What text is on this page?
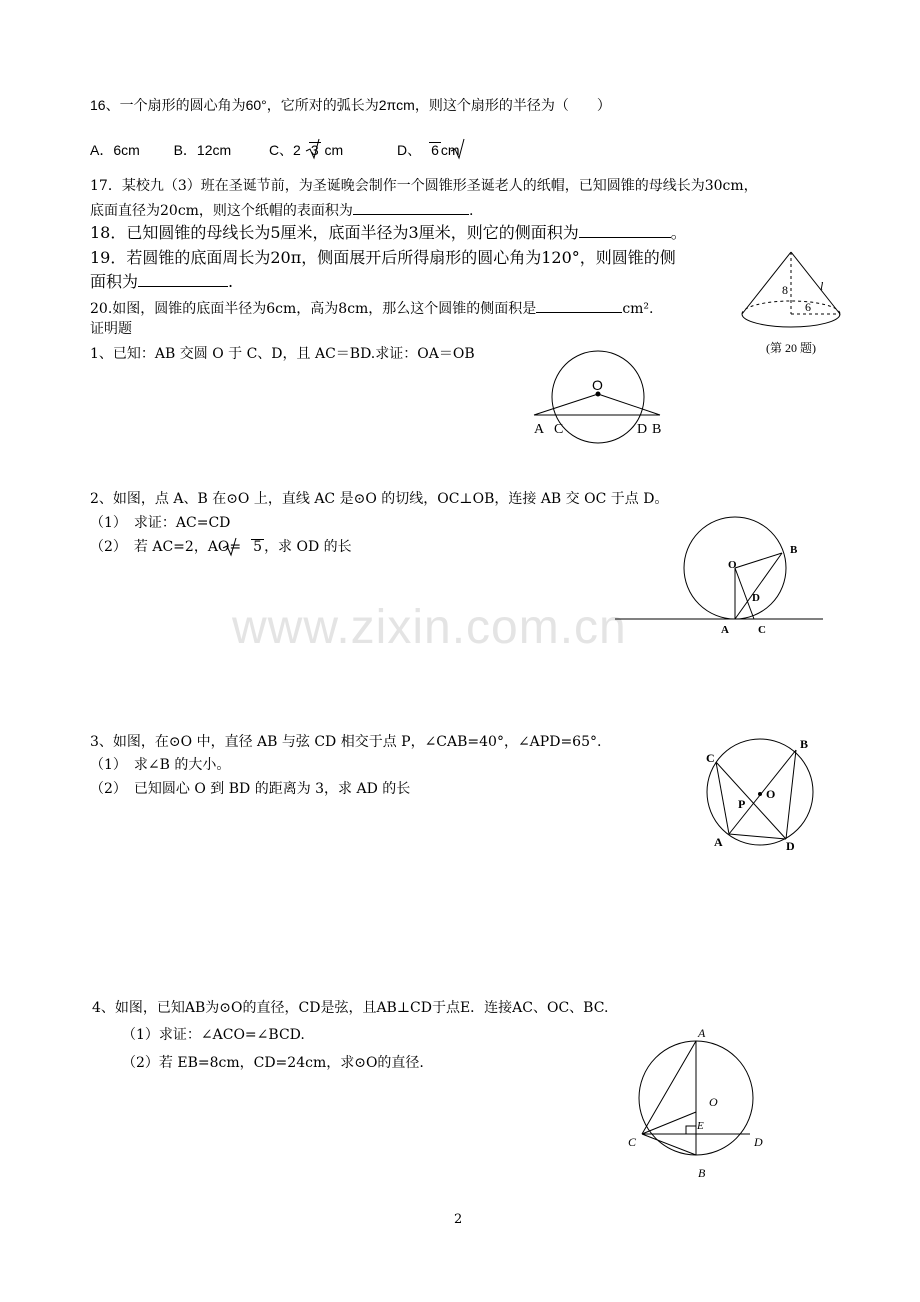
www.zixin.com.cn
16、一个扇形的圆心角为60°，它所对的弧长为2πcm，则这个扇形的半径为（　　）
A．6cm B．12cm	C、2 3 cm	D、 6 cm
17．某校九（3）班在圣诞节前，为圣诞晚会制作一个圆锥形圣诞老人的纸帽，已知圆锥的母线长为30cm，
底面直径为20cm，则这个纸帽的表面积为	.
18．已知圆锥的母线长为5厘米，底面半径为3厘米，则它的侧面积为	。
19．若圆锥的底面周长为20π，侧面展开后所得扇形的圆心角为120°，则圆锥的侧
面积为	.
20.如图，圆锥的底面半径为6cm，高为8cm，那么这个圆锥的侧面积是	cm².
8	l
6
(第 20 题)
证明题
1、已知：AB 交圆 O 于 C、D，且 AC＝BD.求证：OA＝OB
O
A C	D B
2、如图，点 A、B 在⊙O 上，直线 AC 是⊙O 的切线，OC⊥OB，连接 AB 交 OC 于点 D。
（1）　求证：AC=CD
（2）　若 AC=2，AO= 5 ，求 OD 的长
O
B
D
A	C
3、如图，在⊙O 中，直径 AB 与弦 CD 相交于点 P，∠CAB=40°，∠APD=65°.
（1）　求∠B 的大小。
（2）　已知圆心 O 到 BD 的距离为 3，求 AD 的长
C
B
P
O
A	D
4、如图，已知AB为⊙O的直径，CD是弦，且AB⊥CD于点E．连接AC、OC、BC.
（1）求证：∠ACO=∠BCD.
（2）若 EB=8cm，CD=24cm，求⊙O的直径.
A
O
E
C	D
B
2
